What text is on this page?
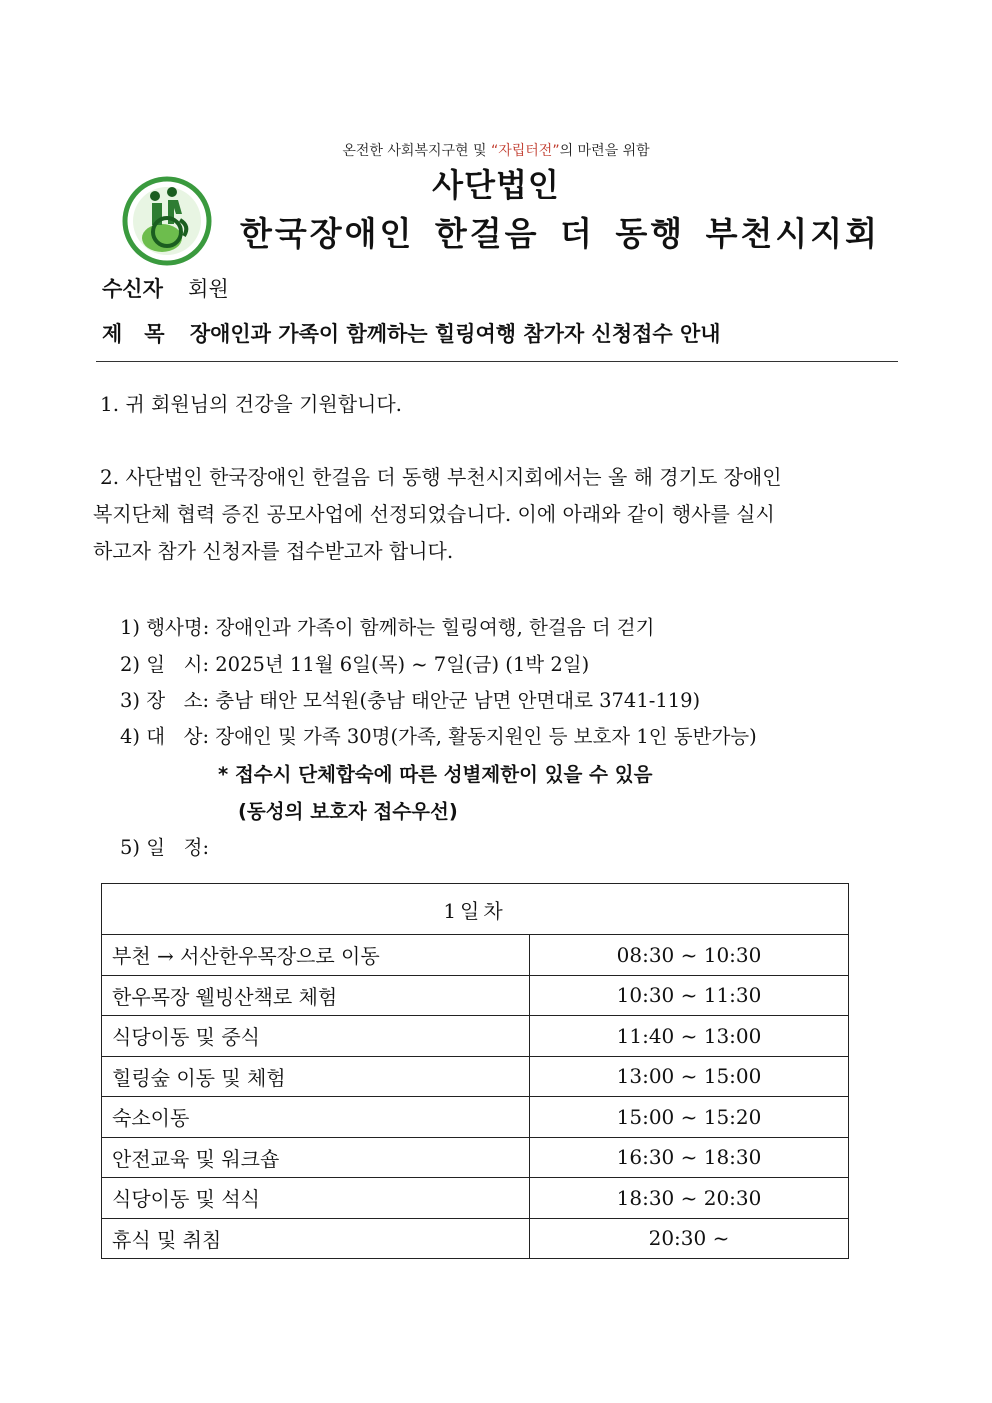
온전한 사회복지구현 및 “자립터전”의 마련을 위함
사단법인
한국장애인 한걸음 더 동행 부천시지회
수신자 회원
제   목 장애인과 가족이 함께하는 힐링여행 참가자 신청접수 안내
1. 귀 회원님의 건강을 기원합니다.
2. 사단법인 한국장애인 한걸음 더 동행 부천시지회에서는 올 해 경기도 장애인
복지단체 협력 증진 공모사업에 선정되었습니다. 이에 아래와 같이 행사를 실시
하고자 참가 신청자를 접수받고자 합니다.
1) 행사명: 장애인과 가족이 함께하는 힐링여행, 한걸음 더 걷기
2) 일   시: 2025년 11월 6일(목) ~ 7일(금) (1박 2일)
3) 장   소: 충남 태안 모석원(충남 태안군 남면 안면대로 3741-119)
4) 대   상: 장애인 및 가족 30명(가족, 활동지원인 등 보호자 1인 동반가능)
* 접수시 단체합숙에 따른 성별제한이 있을 수 있음
(동성의 보호자 접수우선)
5) 일   정:
1일차	
부천 → 서산한우목장으로 이동	08:30 ~ 10:30
한우목장 웰빙산책로 체험	10:30 ~ 11:30
식당이동 및 중식	11:40 ~ 13:00
힐링숲 이동 및 체험	13:00 ~ 15:00
숙소이동	15:00 ~ 15:20
안전교육 및 워크숍	16:30 ~ 18:30
식당이동 및 석식	18:30 ~ 20:30
휴식 및 취침	20:30 ~
